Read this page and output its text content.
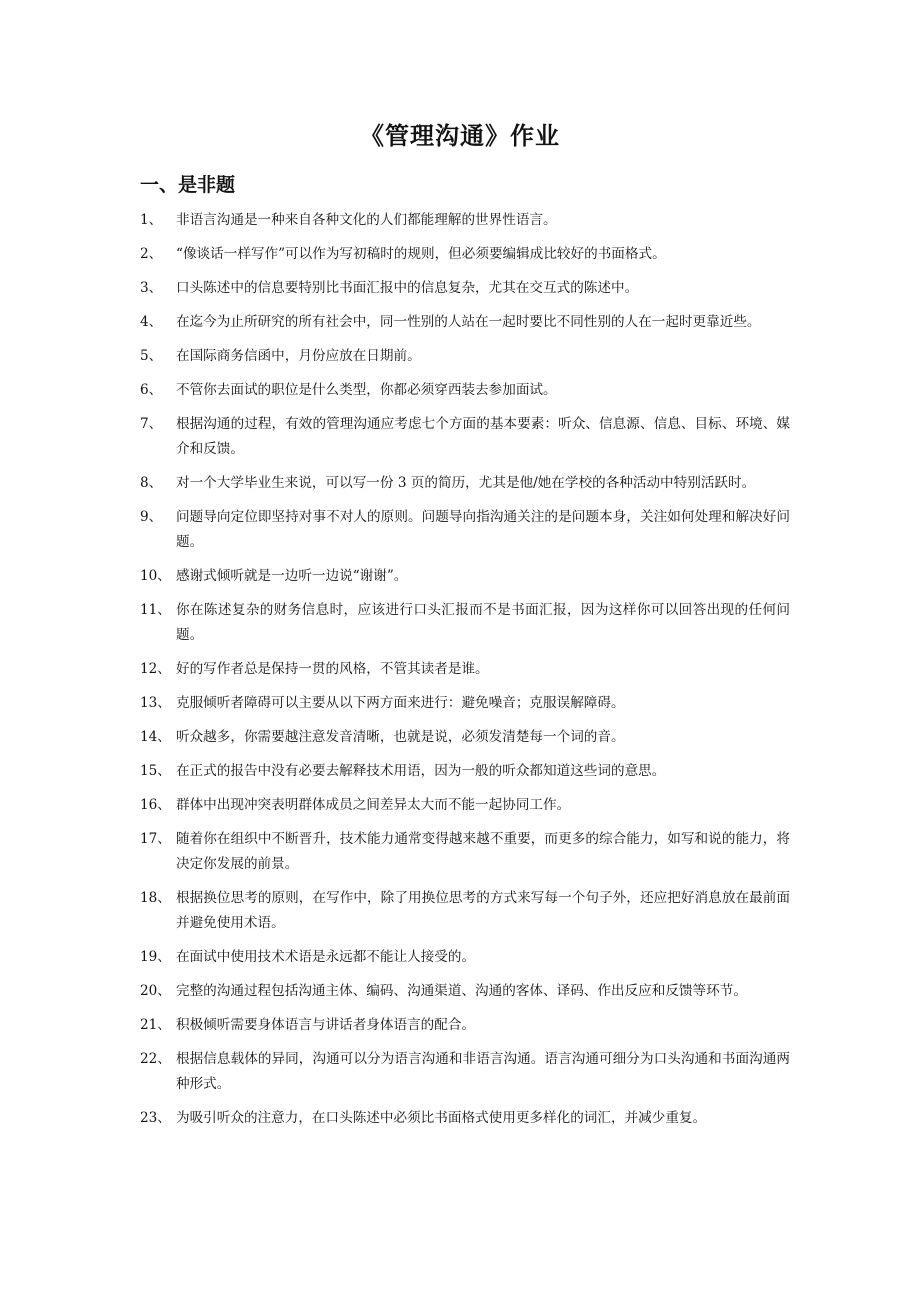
《管理沟通》作业
一、是非题
1、 非语言沟通是一种来自各种文化的人们都能理解的世界性语言。
2、 “像谈话一样写作”可以作为写初稿时的规则，但必须要编辑成比较好的书面格式。
3、 口头陈述中的信息要特别比书面汇报中的信息复杂，尤其在交互式的陈述中。
4、 在迄今为止所研究的所有社会中，同一性别的人站在一起时要比不同性别的人在一起时更靠近些。
5、 在国际商务信函中，月份应放在日期前。
6、 不管你去面试的职位是什么类型，你都必须穿西装去参加面试。
7、 根据沟通的过程，有效的管理沟通应考虑七个方面的基本要素：听众、信息源、信息、目标、环境、媒介和反馈。
8、 对一个大学毕业生来说，可以写一份 3 页的简历，尤其是他/她在学校的各种活动中特别活跃时。
9、 问题导向定位即坚持对事不对人的原则。问题导向指沟通关注的是问题本身，关注如何处理和解决好问题。
10、 感谢式倾听就是一边听一边说“谢谢”。
11、 你在陈述复杂的财务信息时，应该进行口头汇报而不是书面汇报，因为这样你可以回答出现的任何问题。
12、 好的写作者总是保持一贯的风格，不管其读者是谁。
13、 克服倾听者障碍可以主要从以下两方面来进行：避免噪音；克服误解障碍。
14、 听众越多，你需要越注意发音清晰，也就是说，必须发清楚每一个词的音。
15、 在正式的报告中没有必要去解释技术用语，因为一般的听众都知道这些词的意思。
16、 群体中出现冲突表明群体成员之间差异太大而不能一起协同工作。
17、 随着你在组织中不断晋升，技术能力通常变得越来越不重要，而更多的综合能力，如写和说的能力，将决定你发展的前景。
18、 根据换位思考的原则，在写作中，除了用换位思考的方式来写每一个句子外，还应把好消息放在最前面并避免使用术语。
19、 在面试中使用技术术语是永远都不能让人接受的。
20、 完整的沟通过程包括沟通主体、编码、沟通渠道、沟通的客体、译码、作出反应和反馈等环节。
21、 积极倾听需要身体语言与讲话者身体语言的配合。
22、 根据信息载体的异同，沟通可以分为语言沟通和非语言沟通。语言沟通可细分为口头沟通和书面沟通两种形式。
23、 为吸引听众的注意力，在口头陈述中必须比书面格式使用更多样化的词汇，并减少重复。
